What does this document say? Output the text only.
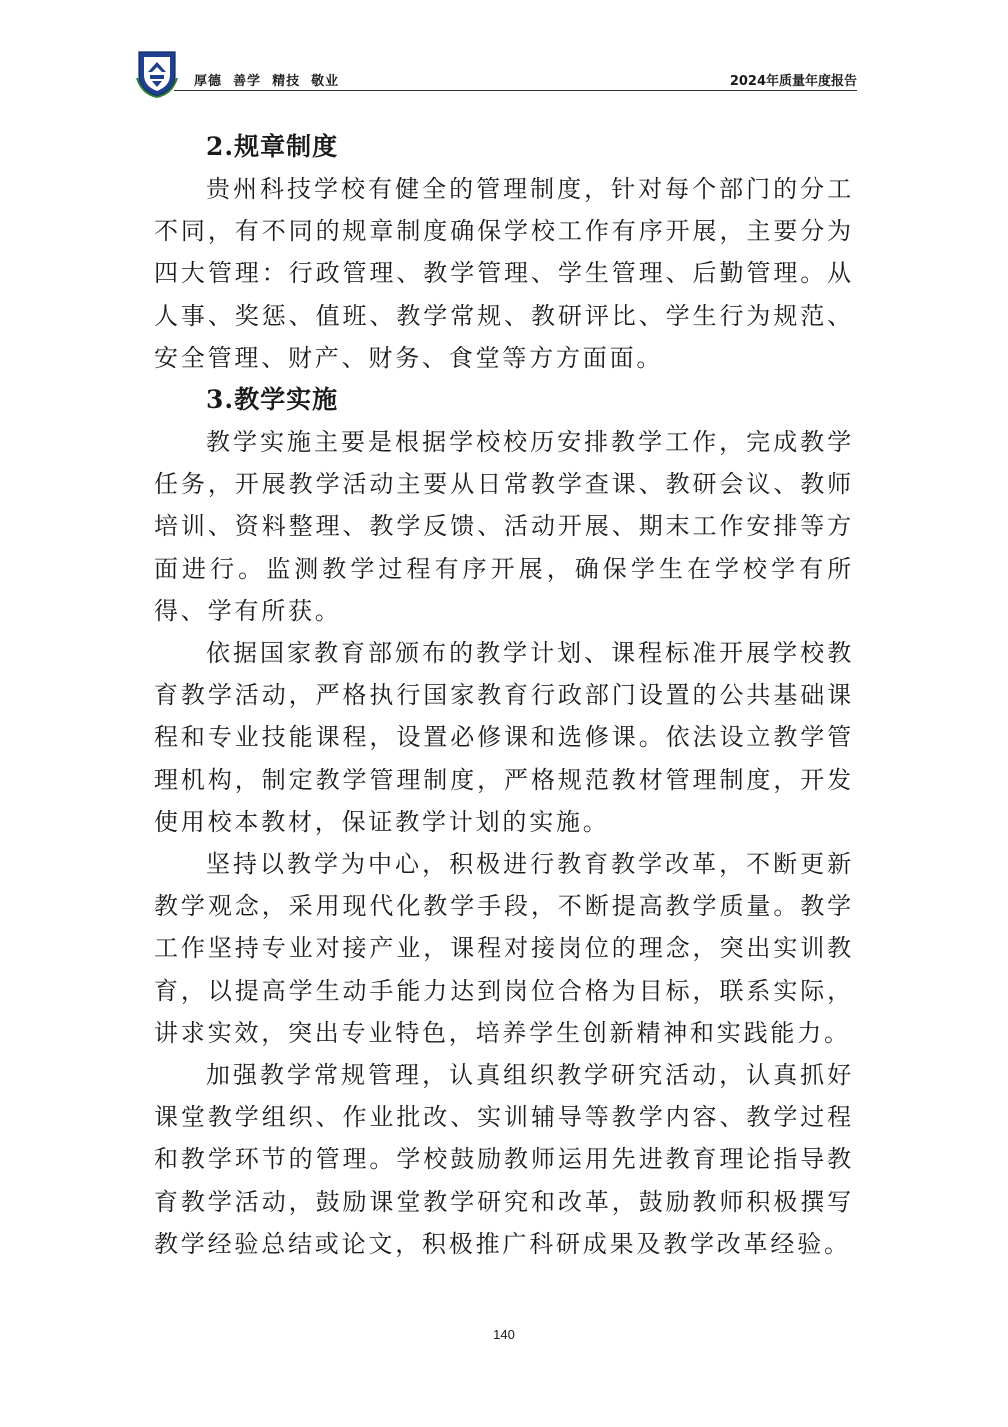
厚德  善学  精技  敬业	2024年质量年度报告
2.规章制度

贵州科技学校有健全的管理制度，针对每个部门的分工不同，有不同的规章制度确保学校工作有序开展，主要分为四大管理：行政管理、教学管理、学生管理、后勤管理。从人事、奖惩、值班、教学常规、教研评比、学生行为规范、安全管理、财产、财务、食堂等方方面面。

3.教学实施

教学实施主要是根据学校校历安排教学工作，完成教学任务，开展教学活动主要从日常教学查课、教研会议、教师培训、资料整理、教学反馈、活动开展、期末工作安排等方面进行。监测教学过程有序开展，确保学生在学校学有所得、学有所获。

依据国家教育部颁布的教学计划、课程标准开展学校教育教学活动，严格执行国家教育行政部门设置的公共基础课程和专业技能课程，设置必修课和选修课。依法设立教学管理机构，制定教学管理制度，严格规范教材管理制度，开发使用校本教材，保证教学计划的实施。

坚持以教学为中心，积极进行教育教学改革，不断更新教学观念，采用现代化教学手段，不断提高教学质量。教学工作坚持专业对接产业，课程对接岗位的理念，突出实训教育，以提高学生动手能力达到岗位合格为目标，联系实际，讲求实效，突出专业特色，培养学生创新精神和实践能力。

加强教学常规管理，认真组织教学研究活动，认真抓好课堂教学组织、作业批改、实训辅导等教学内容、教学过程和教学环节的管理。学校鼓励教师运用先进教育理论指导教育教学活动，鼓励课堂教学研究和改革，鼓励教师积极撰写教学经验总结或论文，积极推广科研成果及教学改革经验。

140
